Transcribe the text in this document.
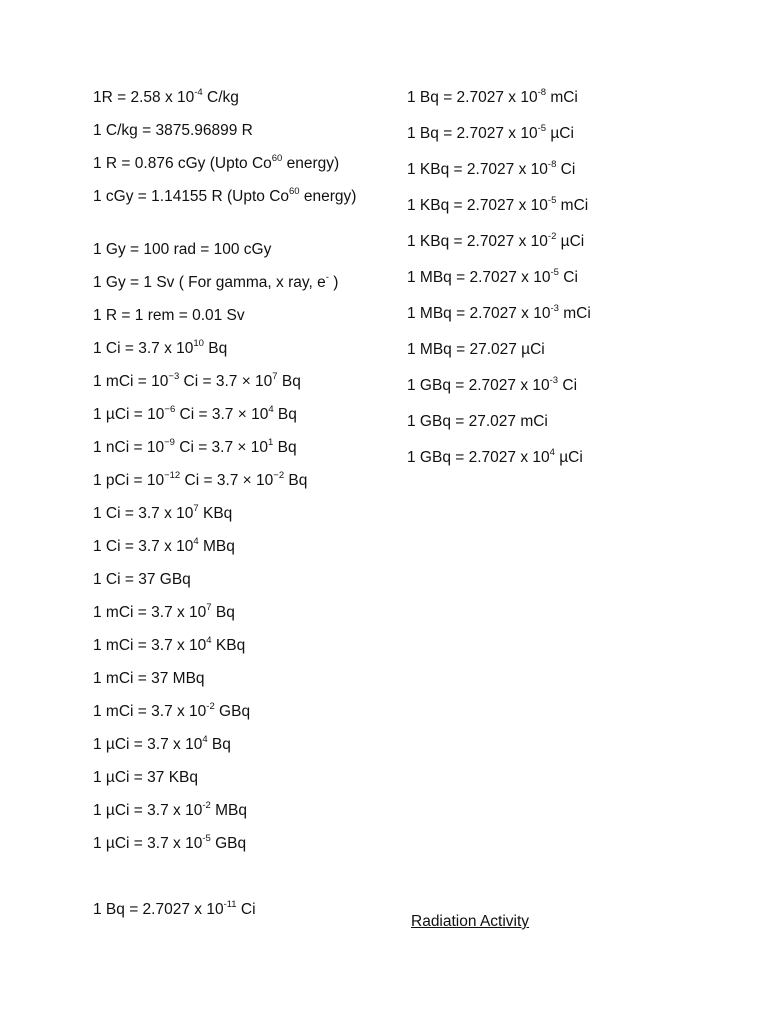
1R = 2.58 x $10^{-4}$ C/kg
1 C/kg = 3875.96899 R
1 R = 0.876 cGy (Upto Co$^{60}$ energy)
1 cGy = 1.14155 R (Upto Co$^{60}$ energy)
1 Gy = 100 rad = 100 cGy
1 Gy = 1 Sv ( For gamma, x ray, e- )
1 R = 1 rem = 0.01 Sv
1 Ci = 3.7 x $10^{10}$ Bq
1 mCi = $10^{-3}$ $Ci = 3.7 \times 10^7$ Bq
1 $\mu Ci = 10^{-6}$ $Ci = 3.7 \times 10^4$ Bq
1 nCi = $10^{-9}$ $Ci = 3.7 \times 10^1$ Bq
1 pCi = $10^{-12}$ $Ci = 3.7 \times 10^{-2}$ Bq
1 Ci = 3.7 x $10^7$ KBq
1 Ci = 3.7 x $10^4$ MBq
1 Ci = 37 GBq
1 mCi = 3.7 x $10^7$ Bq
1 mCi = 3.7 x $10^4$ KBq
1 mCi = 37 MBq
1 mCi = 3.7 x $10^{-2}$ GBq
1 µCi = 3.7 x $10^4$ Bq
1 µCi = 37 KBq
1 µCi = 3.7 x $10^{-2}$ MBq
1 µCi = 3.7 x $10^{-5}$ GBq
1 Bq = 2.7027 x $10^{-11}$ Ci
1 Bq = 2.7027 x $10^{-8}$ mCi
1 Bq = 2.7027 x $10^{-5}$ µCi
1 KBq = 2.7027 x $10^{-8}$ Ci
1 KBq = 2.7027 x $10^{-5}$ mCi
1 KBq = 2.7027 x $10^{-2}$ µCi
1 MBq = 2.7027 x $10^{-5}$ Ci
1 MBq = 2.7027 x $10^{-3}$ mCi
1 MBq = 27.027 µCi
1 GBq = 2.7027 x $10^{-3}$ Ci
1 GBq = 27.027 mCi
1 GBq = 2.7027 x $10^4$ µCi
Radiation Activity
